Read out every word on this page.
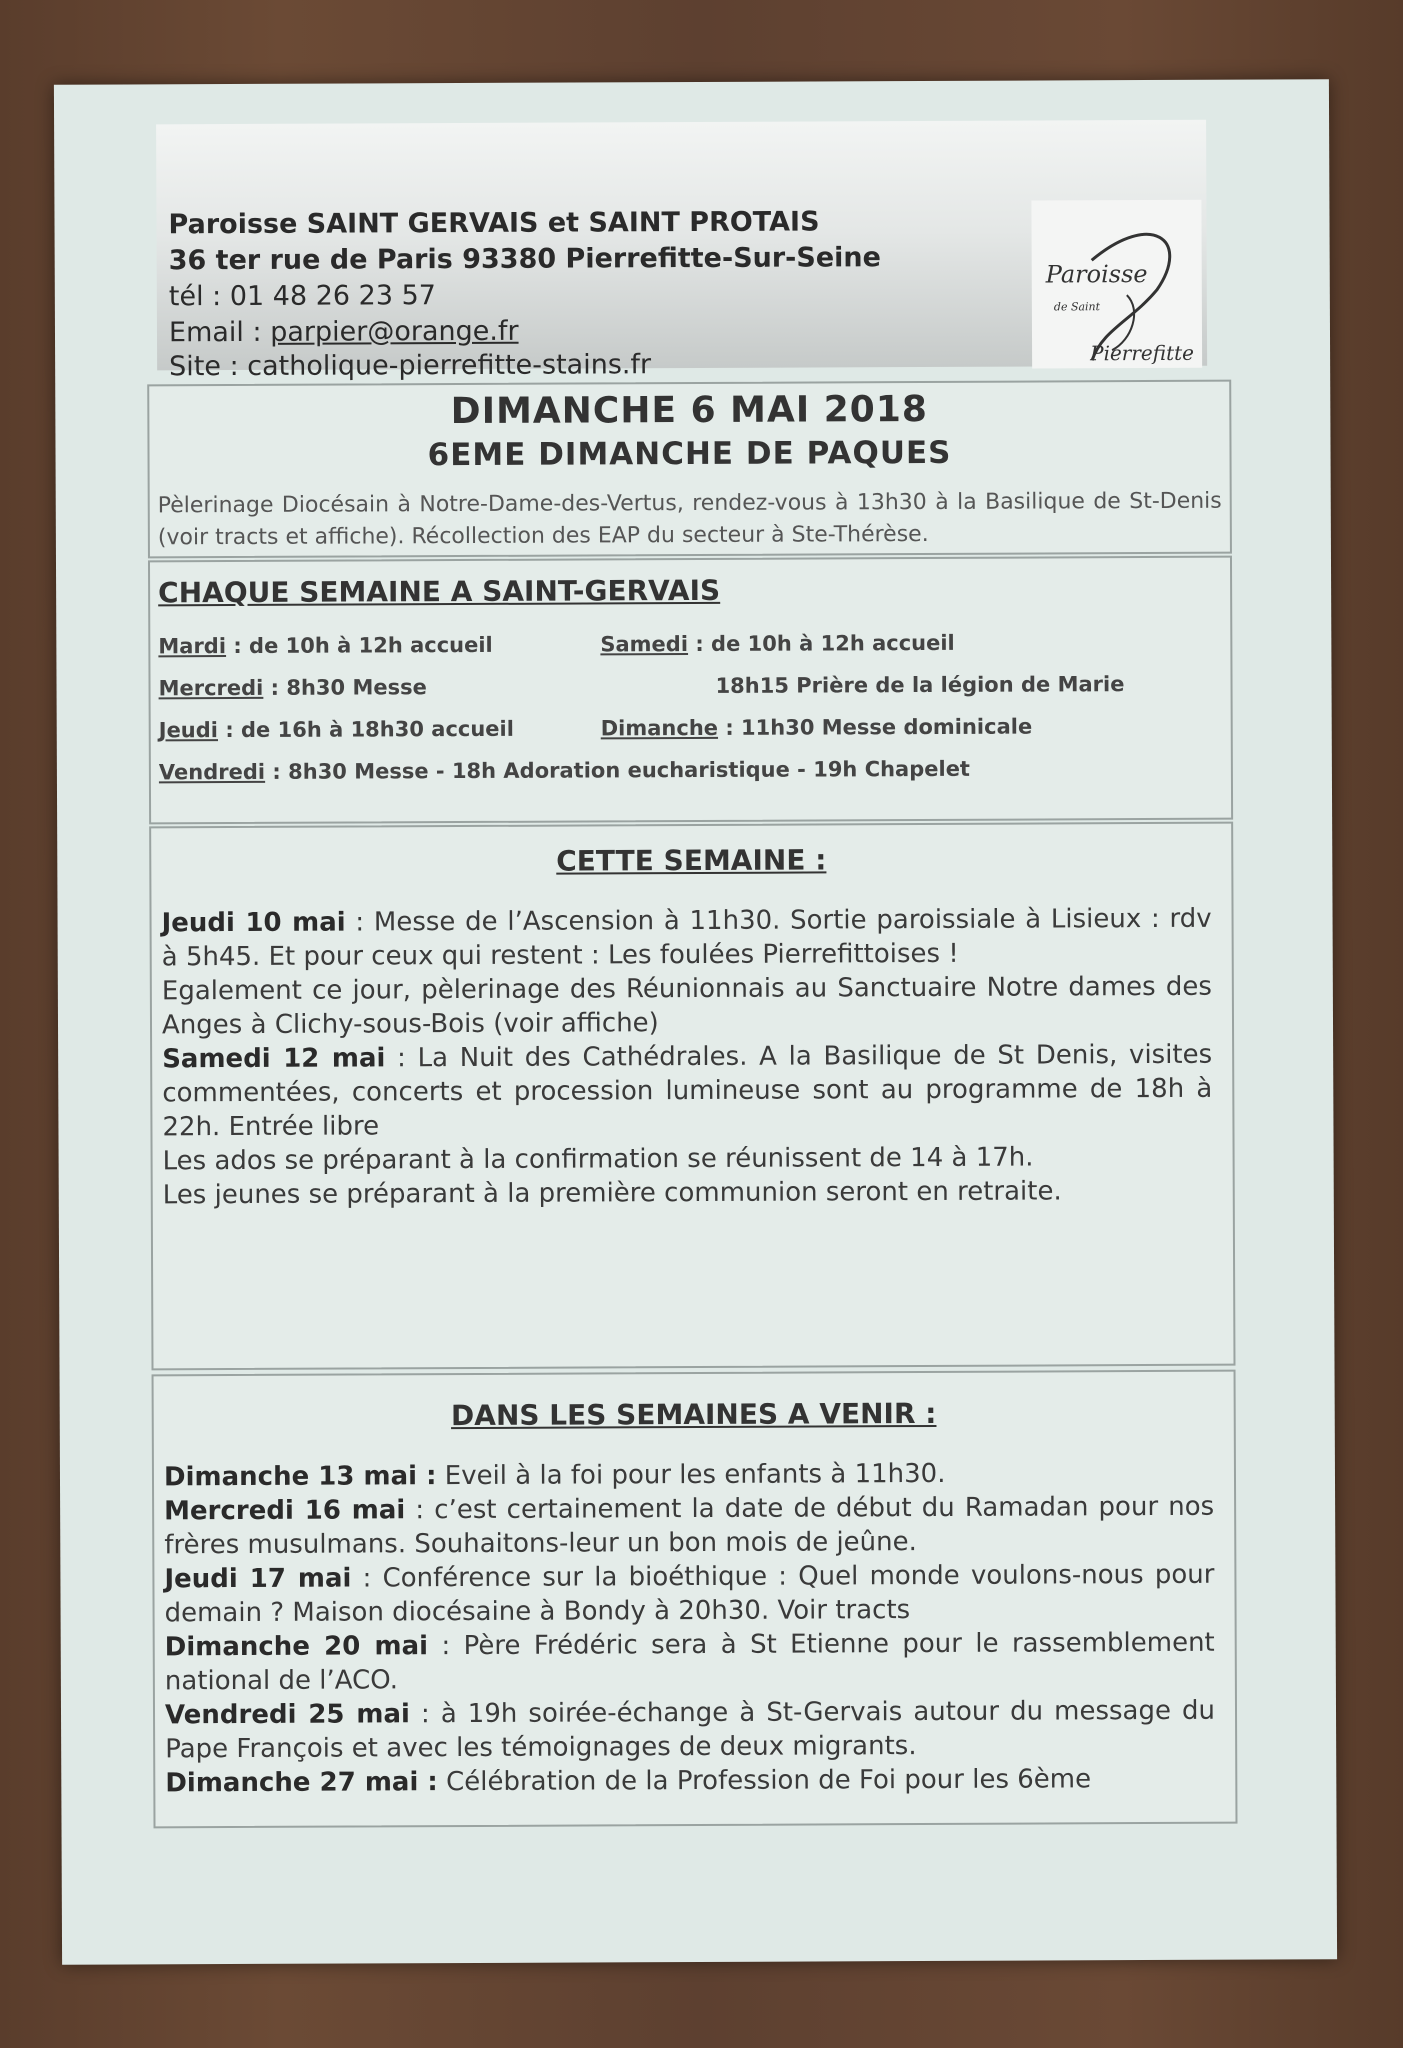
Paroisse SAINT GERVAIS et SAINT PROTAIS
36 ter rue de Paris 93380 Pierrefitte-Sur-Seine
tél : 01 48 26 23 57
Email : parpier@orange.fr
Site : catholique-pierrefitte-stains.fr
Paroisse
de Saint
Pierrefitte
DIMANCHE 6 MAI 2018
6EME DIMANCHE DE PAQUES
Pèlerinage Diocésain à Notre-Dame-des-Vertus, rendez-vous à 13h30 à la Basilique de St-Denis (voir tracts et affiche). Récollection des EAP du secteur à Ste-Thérèse.
CHAQUE SEMAINE A SAINT-GERVAIS
Mardi : de 10h à 12h accueil	Samedi : de 10h à 12h accueil
Mercredi : 8h30 Messe	18h15 Prière de la légion de Marie
Jeudi : de 16h à 18h30 accueil	Dimanche : 11h30 Messe dominicale
Vendredi : 8h30 Messe - 18h Adoration eucharistique - 19h Chapelet
CETTE SEMAINE :

Jeudi 10 mai : Messe de l’Ascension à 11h30. Sortie paroissiale à Lisieux : rdv à 5h45. Et pour ceux qui restent : Les foulées Pierrefittoises !

Egalement ce jour, pèlerinage des Réunionnais au Sanctuaire Notre dames des Anges à Clichy-sous-Bois (voir affiche)

Samedi 12 mai : La Nuit des Cathédrales. A la Basilique de St Denis, visites commentées, concerts et procession lumineuse sont au programme de 18h à 22h. Entrée libre

Les ados se préparant à la confirmation se réunissent de 14 à 17h.

Les jeunes se préparant à la première communion seront en retraite.

DANS LES SEMAINES A VENIR :

Dimanche 13 mai : Eveil à la foi pour les enfants à 11h30.

Mercredi 16 mai : c’est certainement la date de début du Ramadan pour nos frères musulmans. Souhaitons-leur un bon mois de jeûne.

Jeudi 17 mai : Conférence sur la bioéthique : Quel monde voulons-nous pour demain ? Maison diocésaine à Bondy à 20h30. Voir tracts

Dimanche 20 mai : Père Frédéric sera à St Etienne pour le rassemblement national de l’ACO.

Vendredi 25 mai : à 19h soirée-échange à St-Gervais autour du message du Pape François et avec les témoignages de deux migrants.

Dimanche 27 mai : Célébration de la Profession de Foi pour les 6ème
